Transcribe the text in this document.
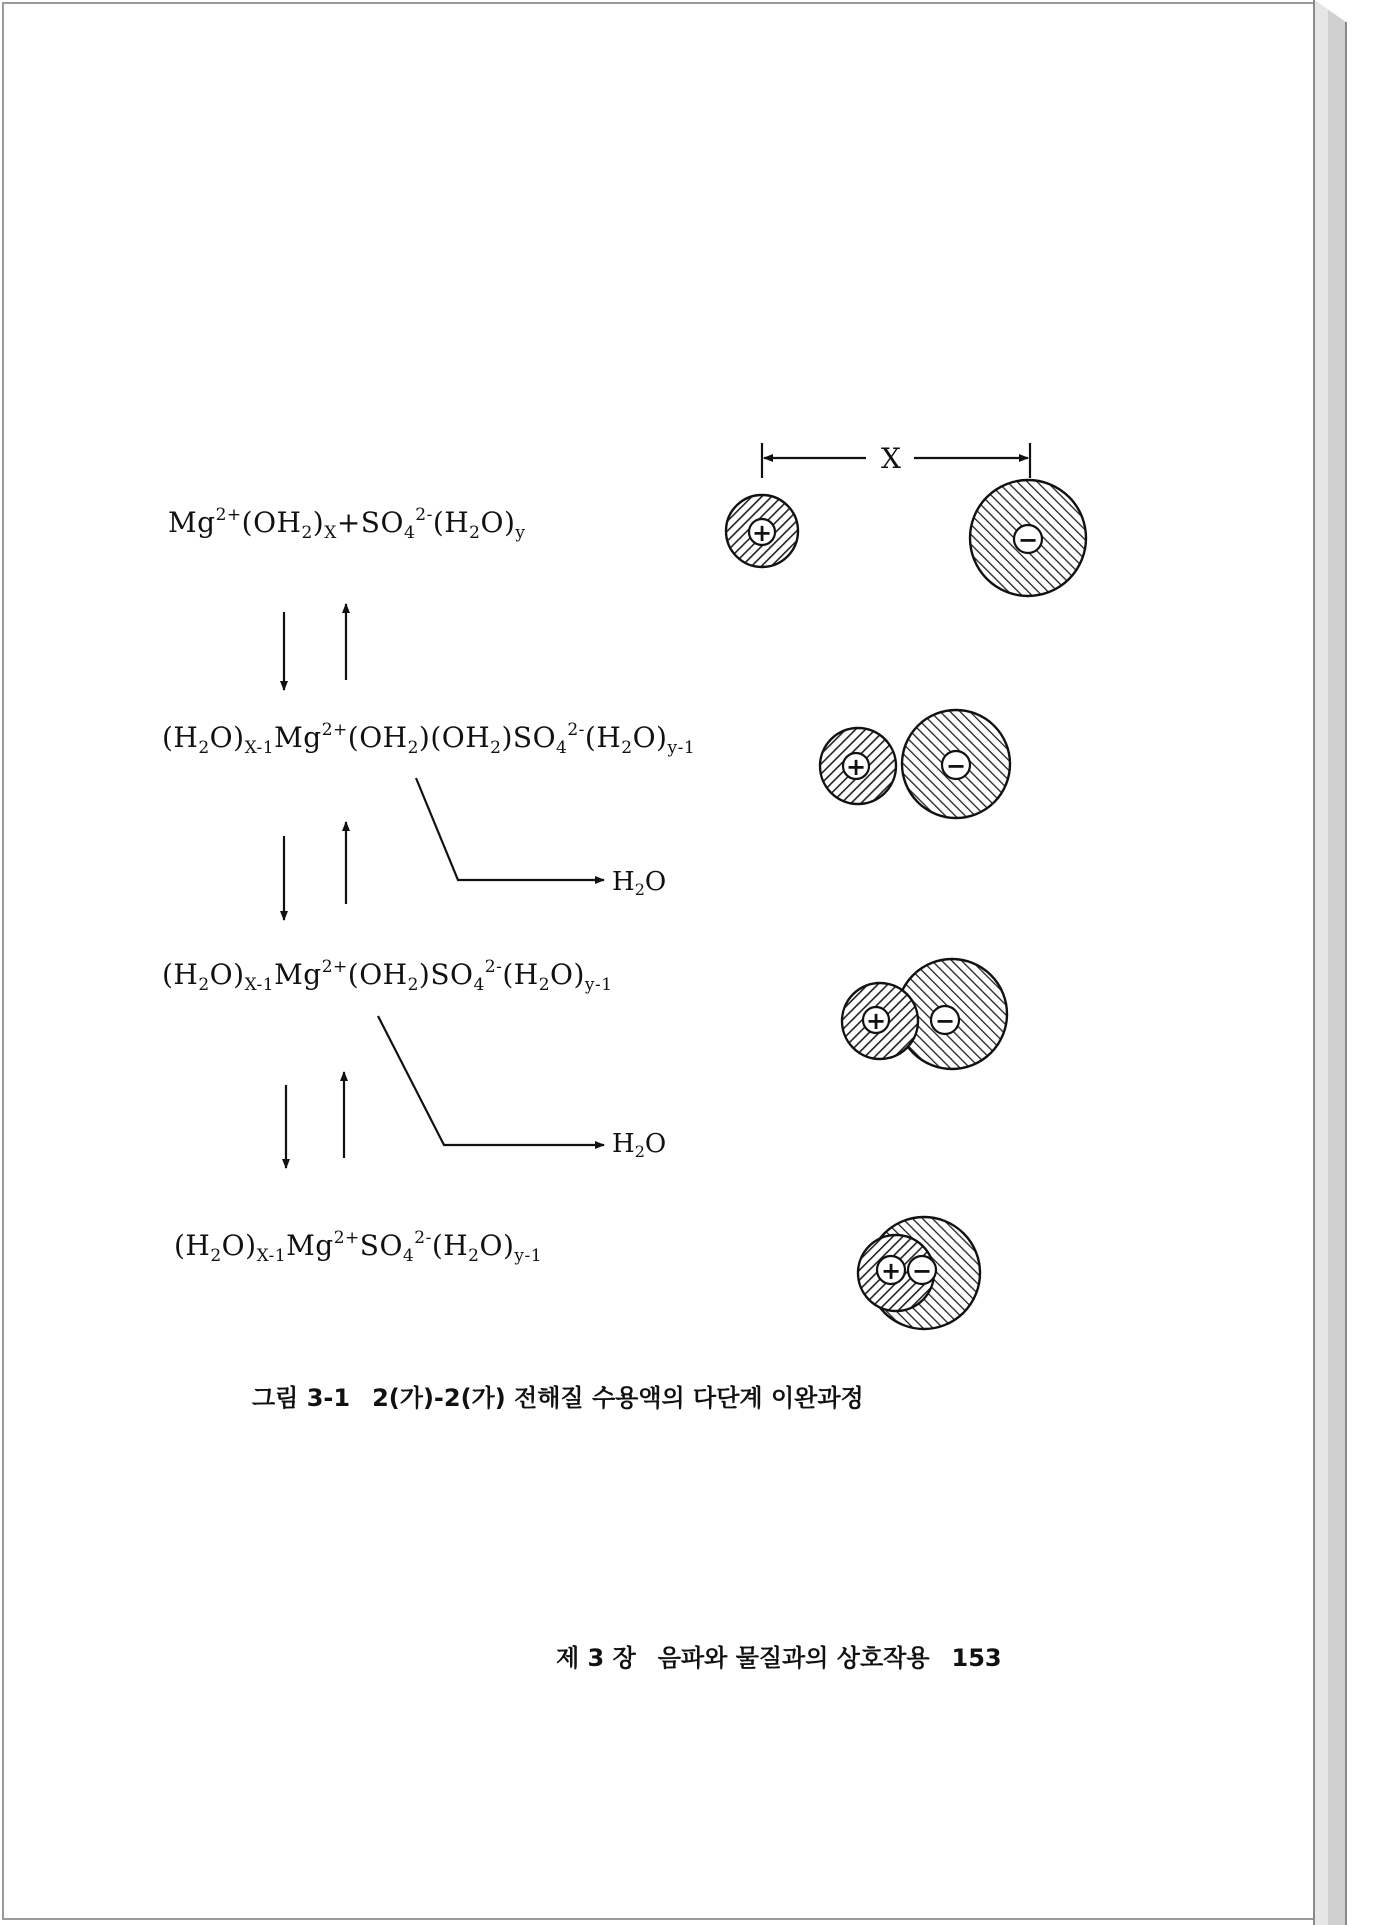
$Mg^{2+}(OH_2)_X+SO_4^{2-}(H_2O)_y$
$(H_2O)_{X-1}Mg^{2+}(OH_2)(OH_2)SO_4^{2-}(H_2O)_{y-1}$
$(H_2O)_{X-1}Mg^{2+}(OH_2)SO_4^{2-}(H_2O)_{y-1}$
$(H_2O)_{X-1}Mg^{2+}SO_4^{2-}(H_2O)_{y-1}$
$H_2O$
$H_2O$
X
+	−
+	−
+ −
+ −
그림 3-1 2(가)-2(가) 전해질 수용액의 다단계 이완과정
제 3 장 음파와 물질과의 상호작용 153
